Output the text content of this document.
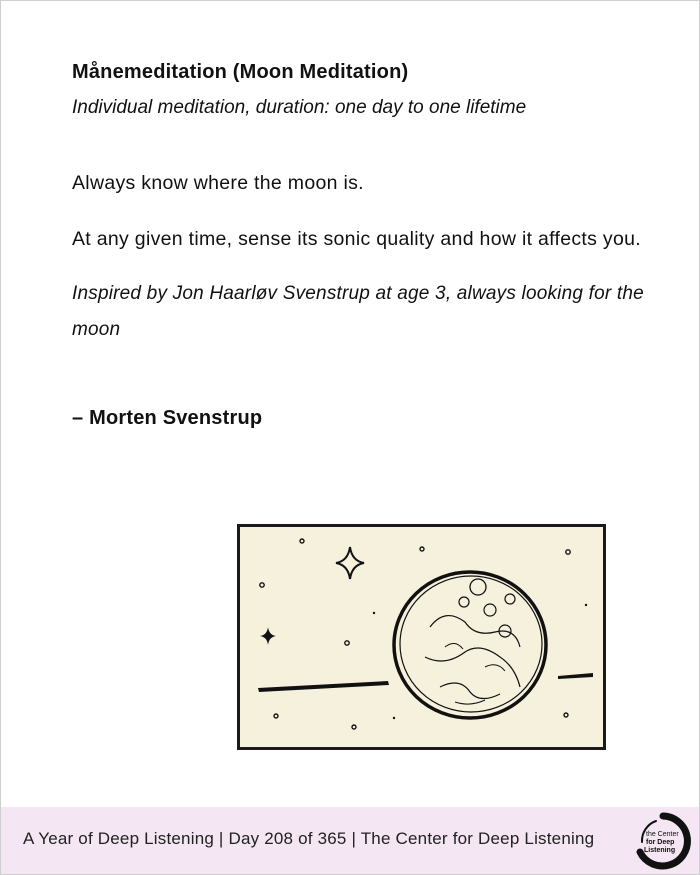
Månemeditation (Moon Meditation)

Individual meditation, duration: one day to one lifetime

Always know where the moon is.

At any given time, sense its sonic quality and how it affects you.

Inspired by Jon Haarløv Svenstrup at age 3, always looking for the moon

– Morten Svenstrup

A Year of Deep Listening | Day 208 of 365 | The Center for Deep Listening	the Center
for Deep
Listening
